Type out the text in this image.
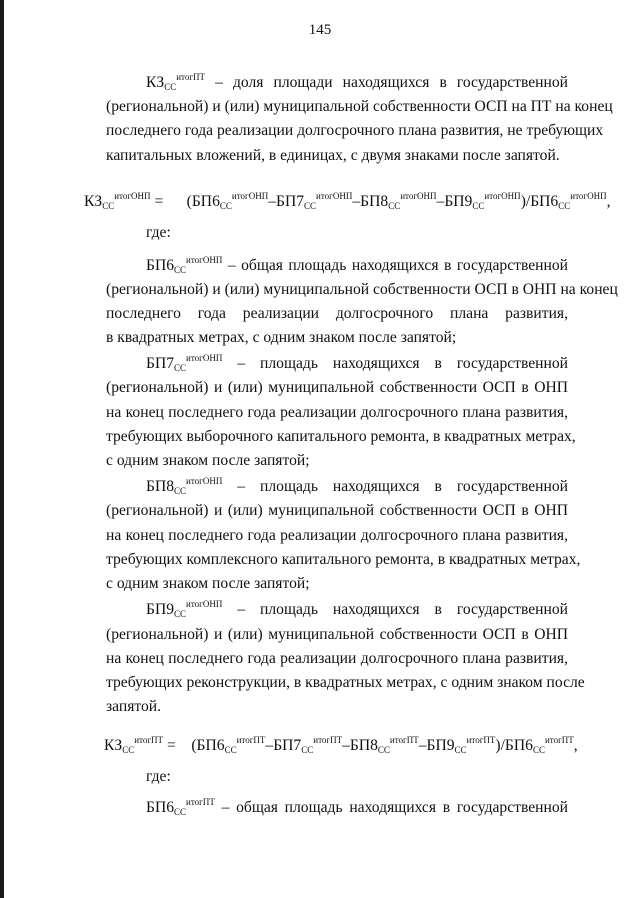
145
$КЗ_{СС}^{итогПТ}$ – доля площади находящихся в государственной
(региональной) и (или) муниципальной собственности ОСП на ПТ на конец
последнего года реализации долгосрочного плана развития, не требующих
капитальных вложений, в единицах, с двумя знаками после запятой.
$КЗ_{СС}^{итогОНП} = (БП6_{СС}^{итогОНП}-БП7_{СС}^{итогОНП}-БП8_{СС}^{итогОНП}-БП9_{СС}^{итогОНП})/БП6_{СС}^{итогОНП}$,
где:
$БП6_{СС}^{итогОНП}$ – общая площадь находящихся в государственной
(региональной) и (или) муниципальной собственности ОСП в ОНП на конец
последнего года реализации долгосрочного плана развития,
в квадратных метрах, с одним знаком после запятой;
$БП7_{СС}^{итогОНП}$ – площадь находящихся в государственной
(региональной) и (или) муниципальной собственности ОСП в ОНП
на конец последнего года реализации долгосрочного плана развития,
требующих выборочного капитального ремонта, в квадратных метрах,
с одним знаком после запятой;
$БП8_{СС}^{итогОНП}$ – площадь находящихся в государственной
(региональной) и (или) муниципальной собственности ОСП в ОНП
на конец последнего года реализации долгосрочного плана развития,
требующих комплексного капитального ремонта, в квадратных метрах,
с одним знаком после запятой;
$БП9_{СС}^{итогОНП}$ – площадь находящихся в государственной
(региональной) и (или) муниципальной собственности ОСП в ОНП
на конец последнего года реализации долгосрочного плана развития,
требующих реконструкции, в квадратных метрах, с одним знаком после
запятой.
$КЗ_{СС}^{итогПТ} = (БП6_{СС}^{итогПТ}-БП7_{СС}^{итогПТ}-БП8_{СС}^{итогПТ}-БП9_{СС}^{итогПТ})/БП6_{СС}^{итогПТ}$,
где:
$БП6_{СС}^{итогПТ}$ – общая площадь находящихся в государственной
